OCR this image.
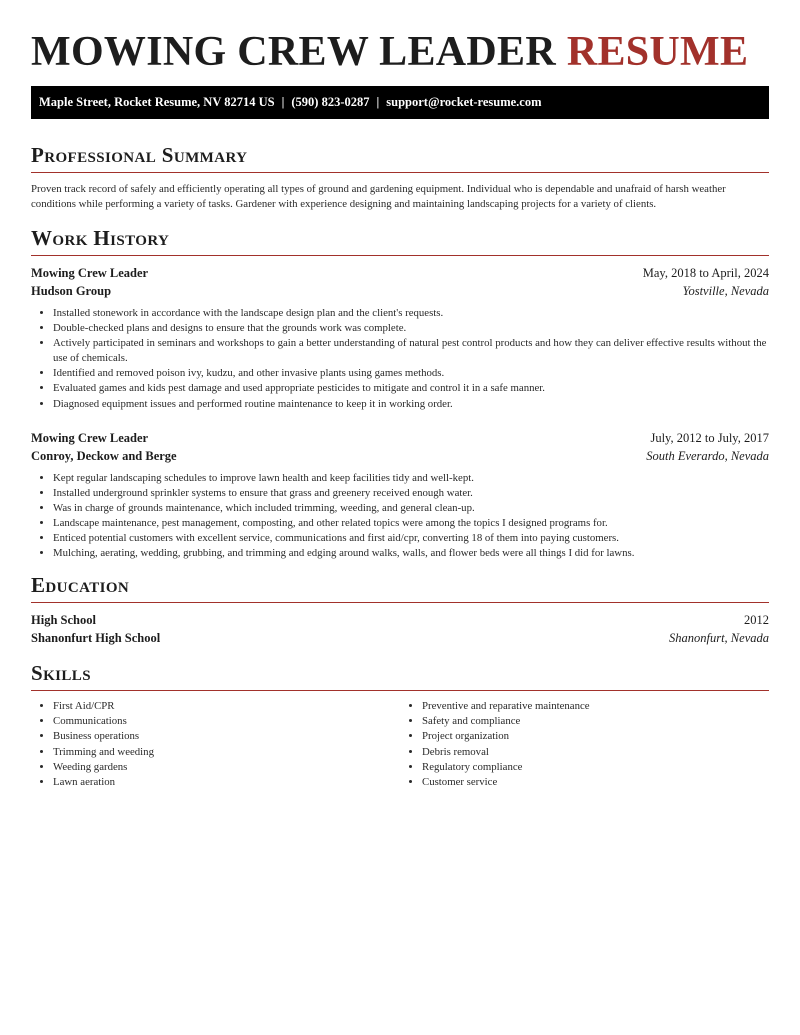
MOWING CREW LEADER RESUME
Maple Street, Rocket Resume, NV 82714 US | (590) 823-0287 | support@rocket-resume.com
Professional Summary

Proven track record of safely and efficiently operating all types of ground and gardening equipment. Individual who is dependable and unafraid of harsh weather conditions while performing a variety of tasks. Gardener with experience designing and maintaining landscaping projects for a variety of clients.

Work History
Mowing Crew Leader	May, 2018 to April, 2024
Hudson Group	Yostville, Nevada
• Installed stonework in accordance with the landscape design plan and the client's requests.
• Double-checked plans and designs to ensure that the grounds work was complete.
• Actively participated in seminars and workshops to gain a better understanding of natural pest control products and how they can deliver effective results without the use of chemicals.
• Identified and removed poison ivy, kudzu, and other invasive plants using games methods.
• Evaluated games and kids pest damage and used appropriate pesticides to mitigate and control it in a safe manner.
• Diagnosed equipment issues and performed routine maintenance to keep it in working order.
Mowing Crew Leader	July, 2012 to July, 2017
Conroy, Deckow and Berge	South Everardo, Nevada
• Kept regular landscaping schedules to improve lawn health and keep facilities tidy and well-kept.
• Installed underground sprinkler systems to ensure that grass and greenery received enough water.
• Was in charge of grounds maintenance, which included trimming, weeding, and general clean-up.
• Landscape maintenance, pest management, composting, and other related topics were among the topics I designed programs for.
• Enticed potential customers with excellent service, communications and first aid/cpr, converting 18 of them into paying customers.
• Mulching, aerating, wedding, grubbing, and trimming and edging around walks, walls, and flower beds were all things I did for lawns.
Education
High School	2012
Shanonfurt High School	Shanonfurt, Nevada
Skills
• First Aid/CPR
• Communications
• Business operations
• Trimming and weeding
• Weeding gardens
• Lawn aeration
• Preventive and reparative maintenance
• Safety and compliance
• Project organization
• Debris removal
• Regulatory compliance
• Customer service
